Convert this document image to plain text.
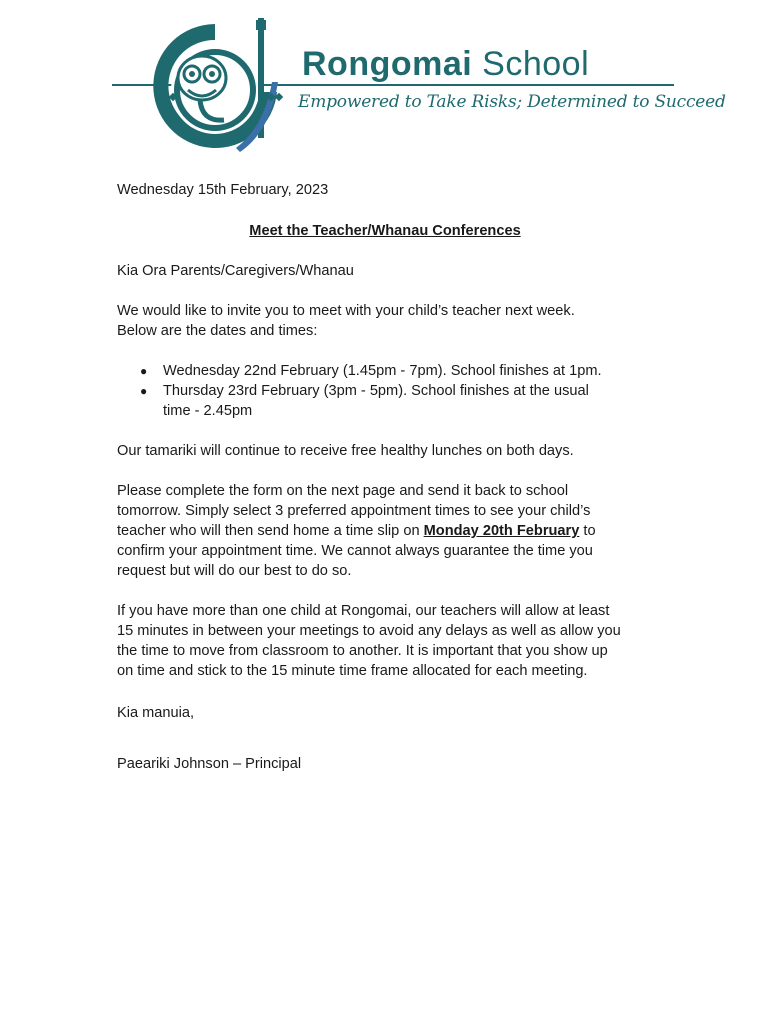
Rongomai School
Empowered to Take Risks; Determined to Succeed
Wednesday 15th February, 2023
Meet the Teacher/Whanau Conferences
Kia Ora Parents/Caregivers/Whanau
We would like to invite you to meet with your child’s teacher next week.
Below are the dates and times:
● Wednesday 22nd February (1.45pm - 7pm). School finishes at 1pm.
● Thursday 23rd February (3pm - 5pm). School finishes at the usual
time - 2.45pm
Our tamariki will continue to receive free healthy lunches on both days.
Please complete the form on the next page and send it back to school
tomorrow. Simply select 3 preferred appointment times to see your child’s
teacher who will then send home a time slip on Monday 20th February to
confirm your appointment time. We cannot always guarantee the time you
request but will do our best to do so.
If you have more than one child at Rongomai, our teachers will allow at least
15 minutes in between your meetings to avoid any delays as well as allow you
the time to move from classroom to another. It is important that you show up
on time and stick to the 15 minute time frame allocated for each meeting.
Kia manuia,
Paeariki Johnson – Principal
